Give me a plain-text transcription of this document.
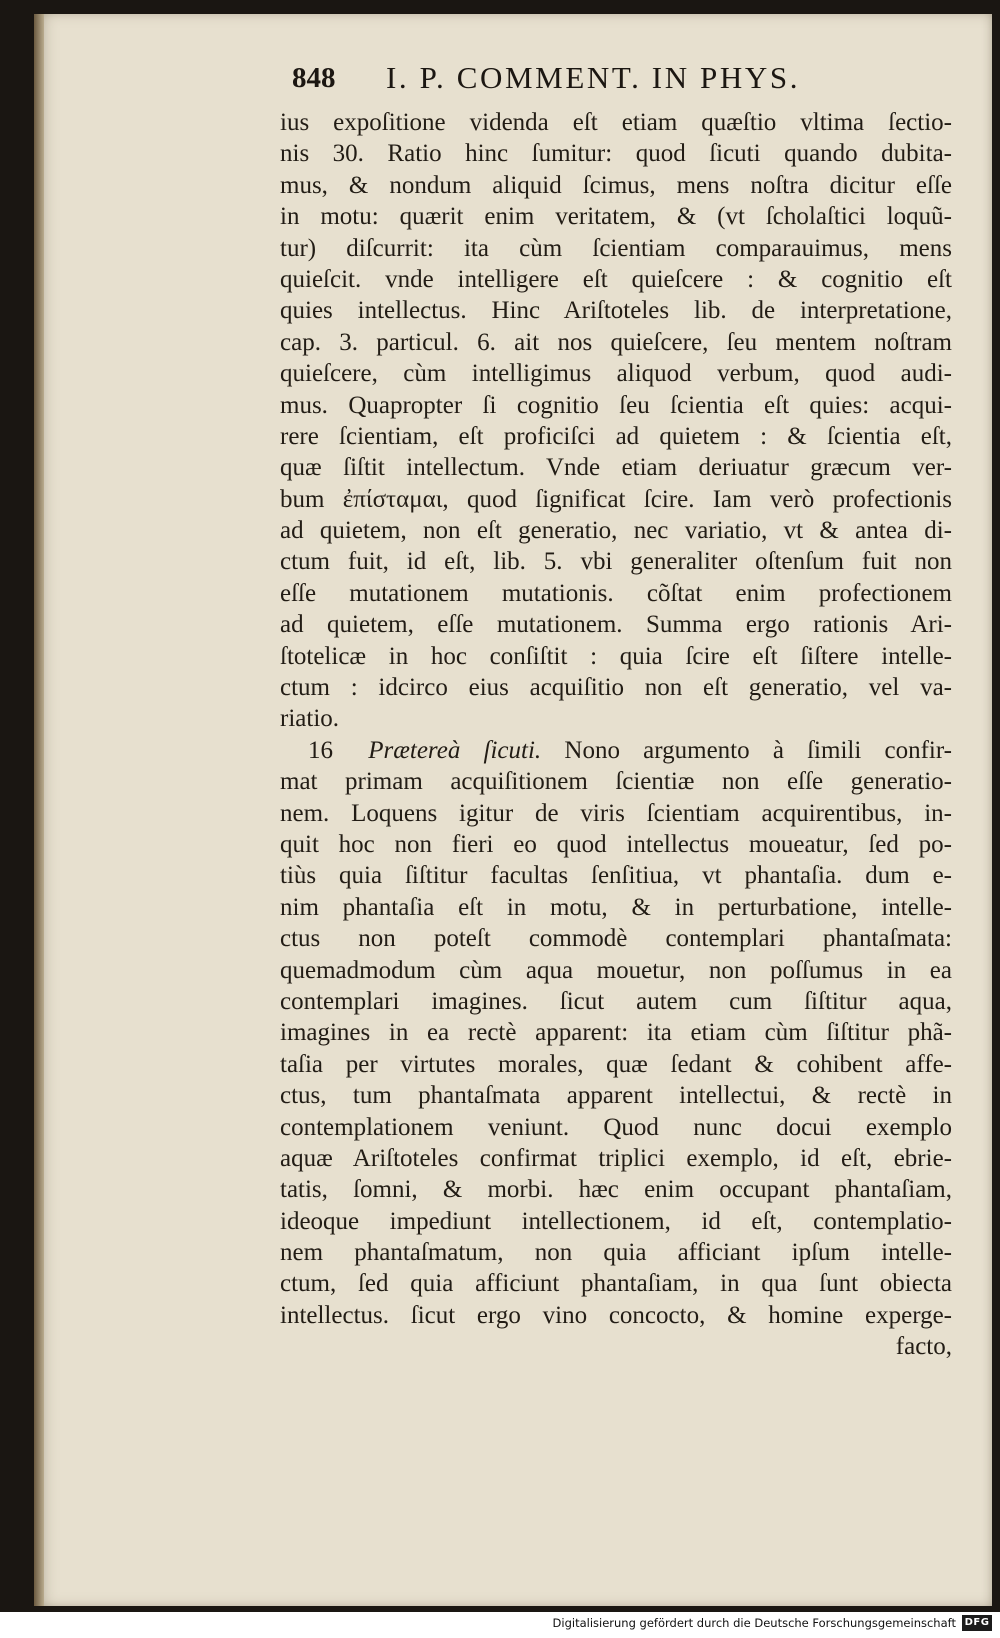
848 I. P. COMMENT. IN PHYS.
ius expoſitione videnda eſt etiam quæſtio vltima ſectio-
nis 30. Ratio hinc ſumitur: quod ſicuti quando dubita-
mus, & nondum aliquid ſcimus, mens noſtra dicitur eſſe
in motu: quærit enim veritatem, & (vt ſcholaſtici loquũ-
tur) diſcurrit: ita cùm ſcientiam comparauimus, mens
quieſcit. vnde intelligere eſt quieſcere : & cognitio eſt
quies intellectus. Hinc Ariſtoteles lib. de interpretatione,
cap. 3. particul. 6. ait nos quieſcere, ſeu mentem noſtram
quieſcere, cùm intelligimus aliquod verbum, quod audi-
mus. Quapropter ſi cognitio ſeu ſcientia eſt quies: acqui-
rere ſcientiam, eſt proficiſci ad quietem : & ſcientia eſt,
quæ ſiſtit intellectum. Vnde etiam deriuatur græcum ver-
bum ἐπίσταμαι, quod ſignificat ſcire. Iam verò profectionis
ad quietem, non eſt generatio, nec variatio, vt & antea di-
ctum fuit, id eſt, lib. 5. vbi generaliter oſtenſum fuit non
eſſe mutationem mutationis. cõſtat enim profectionem
ad quietem, eſſe mutationem. Summa ergo rationis Ari-
ſtotelicæ in hoc conſiſtit : quia ſcire eſt ſiſtere intelle-
ctum : idcirco eius acquiſitio non eſt generatio, vel va-
riatio.
16 Prætereà ſicuti. Nono argumento à ſimili confir-
mat primam acquiſitionem ſcientiæ non eſſe generatio-
nem. Loquens igitur de viris ſcientiam acquirentibus, in-
quit hoc non fieri eo quod intellectus moueatur, ſed po-
tiùs quia ſiſtitur facultas ſenſitiua, vt phantaſia. dum e-
nim phantaſia eſt in motu, & in perturbatione, intelle-
ctus non poteſt commodè contemplari phantaſmata:
quemadmodum cùm aqua mouetur, non poſſumus in ea
contemplari imagines. ſicut autem cum ſiſtitur aqua,
imagines in ea rectè apparent: ita etiam cùm ſiſtitur phã-
taſia per virtutes morales, quæ ſedant & cohibent affe-
ctus, tum phantaſmata apparent intellectui, & rectè in
contemplationem veniunt. Quod nunc docui exemplo
aquæ Ariſtoteles confirmat triplici exemplo, id eſt, ebrie-
tatis, ſomni, & morbi. hæc enim occupant phantaſiam,
ideoque impediunt intellectionem, id eſt, contemplatio-
nem phantaſmatum, non quia afficiant ipſum intelle-
ctum, ſed quia afficiunt phantaſiam, in qua ſunt obiecta
intellectus. ſicut ergo vino concocto, & homine experge-
facto,
Digitalisierung gefördert durch die Deutsche Forschungsgemeinschaft DFG
